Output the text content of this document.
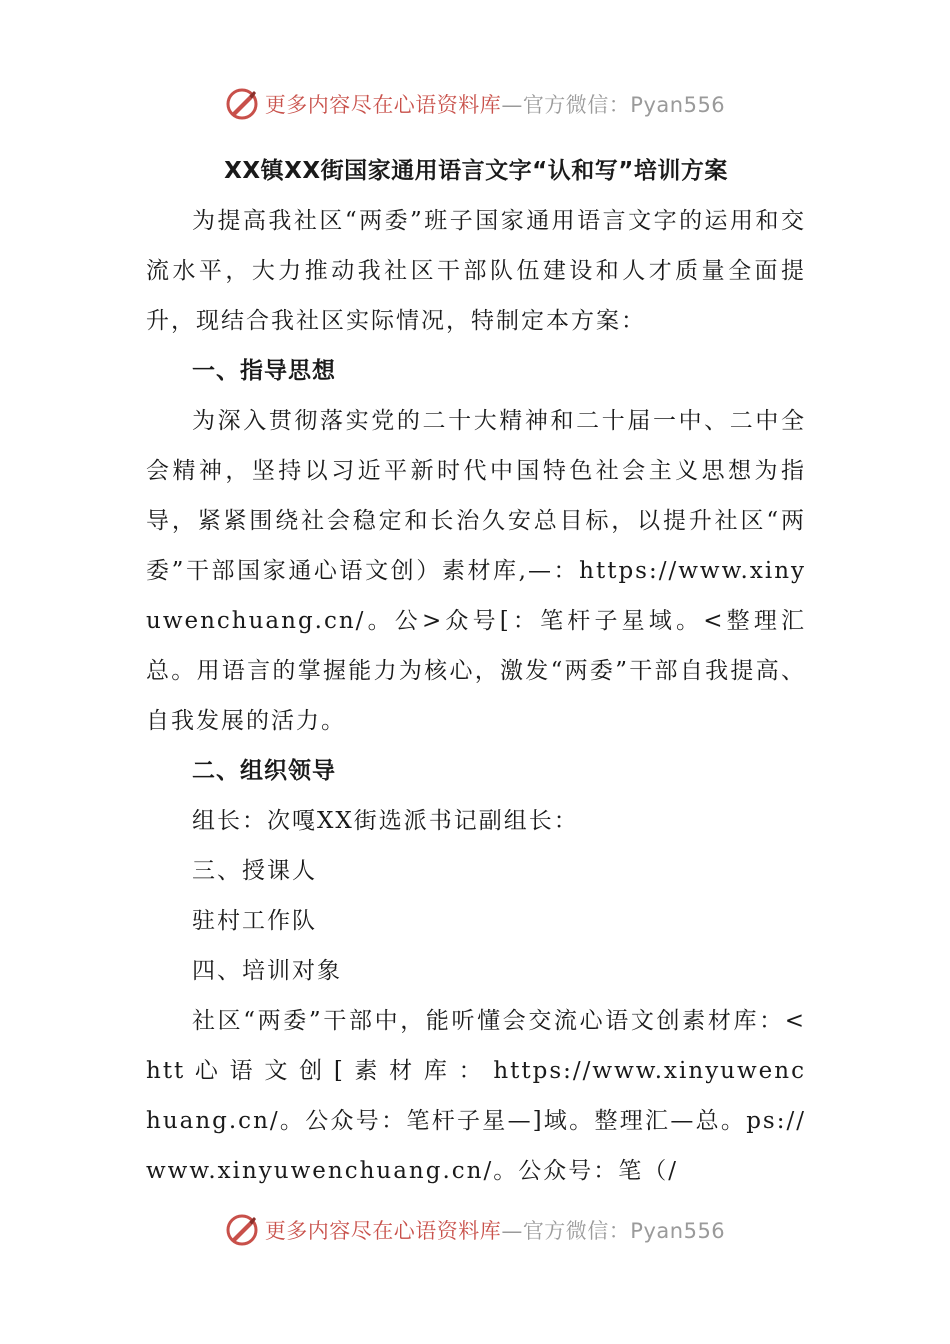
更多内容尽在心语资料库—官方微信：Pyan556
XX镇XX街国家通用语言文字“认和写”培训方案

为提高我社区“两委”班子国家通用语言文字的运用和交流水平，大力推动我社区干部队伍建设和人才质量全面提升，现结合我社区实际情况，特制定本方案：

一、指导思想

为深入贯彻落实党的二十大精神和二十届一中、二中全会精神，坚持以习近平新时代中国特色社会主义思想为指导，紧紧围绕社会稳定和长治久安总目标，以提升社区“两委”干部国家通心语文创）素材库,—：https://www.xinyuwenchuang.cn/。公>众号[：笔杆子星域。<整理汇总。用语言的掌握能力为核心，激发“两委”干部自我提高、自我发展的活力。

二、组织领导

组长：次嘎XX街选派书记副组长：

三、授课人

驻村工作队

四、培训对象

社区“两委”干部中，能听懂会交流心语文创素材库：<htt 心 语 文 创 [ 素 材 库 ： https://www.xinyuwenchuang.cn/。公众号：笔杆子星—]域。整理汇—总。ps://www.xinyuwenchuang.cn/。公众号：笔（/

更多内容尽在心语资料库—官方微信：Pyan556
